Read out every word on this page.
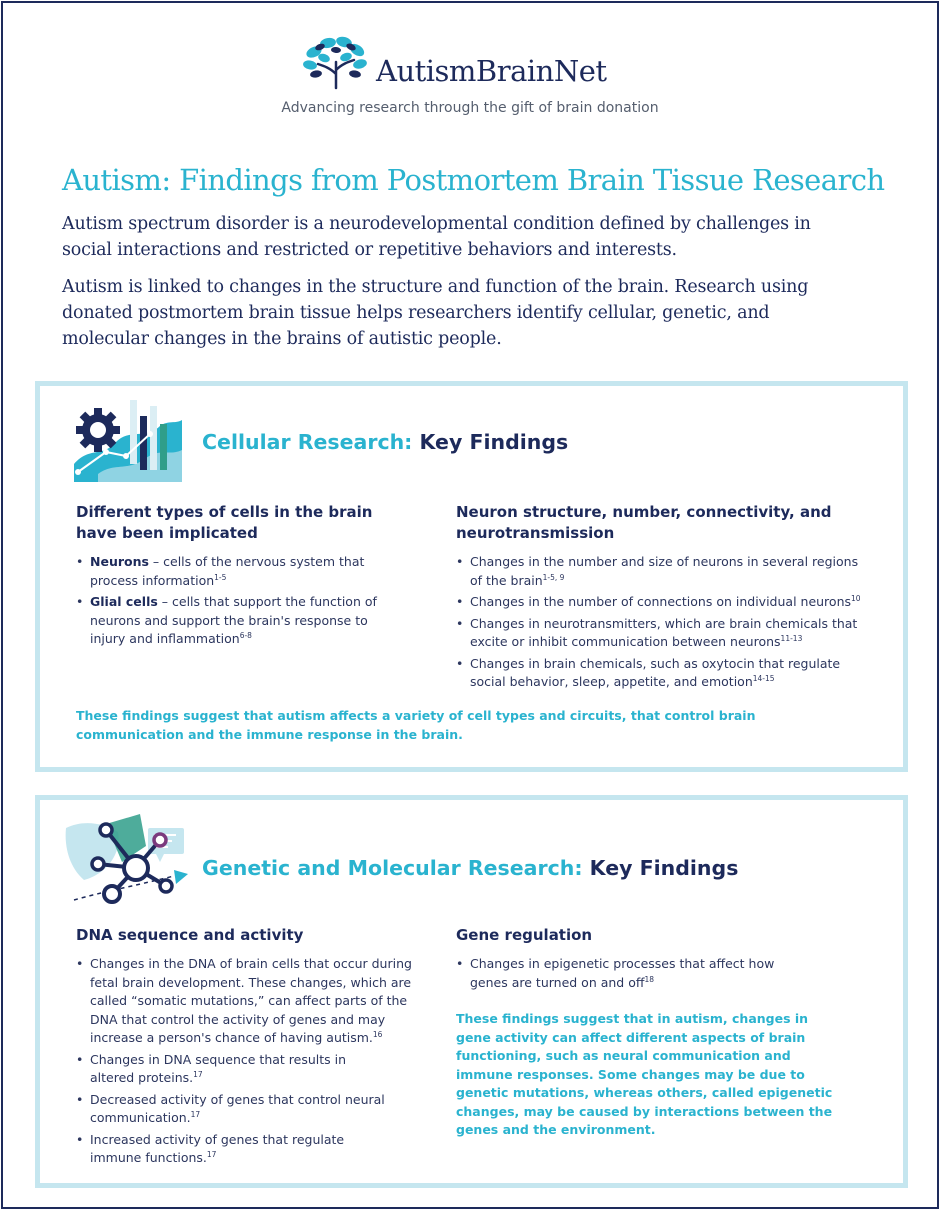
AutismBrainNet
Advancing research through the gift of brain donation
Autism: Findings from Postmortem Brain Tissue Research

Autism spectrum disorder is a neurodevelopmental condition defined by challenges in social interactions and restricted or repetitive behaviors and interests.

Autism is linked to changes in the structure and function of the brain. Research using donated postmortem brain tissue helps researchers identify cellular, genetic, and molecular changes in the brains of autistic people.

Cellular Research: Key Findings
Different types of cells in the brain have been implicated
• Neurons – cells of the nervous system that process information$^{1-5}$
• Glial cells – cells that support the function of neurons and support the brain's response to injury and inflammation$^{6-8}$
Neuron structure, number, connectivity, and neurotransmission
• Changes in the number and size of neurons in several regions of the brain$^{1-5, 9}$
• Changes in the number of connections on individual neurons$^{10}$
• Changes in neurotransmitters, which are brain chemicals that excite or inhibit communication between neurons$^{11-13}$
• Changes in brain chemicals, such as oxytocin that regulate social behavior, sleep, appetite, and emotion$^{14-15}$

These findings suggest that autism affects a variety of cell types and circuits, that control brain communication and the immune response in the brain.

Genetic and Molecular Research: Key Findings
DNA sequence and activity
• Changes in the DNA of brain cells that occur during fetal brain development. These changes, which are called “somatic mutations,” can affect parts of the DNA that control the activity of genes and may increase a person's chance of having autism.$^{16}$
• Changes in DNA sequence that results in altered proteins.$^{17}$
• Decreased activity of genes that control neural communication.$^{17}$
• Increased activity of genes that regulate immune functions.$^{17}$
Gene regulation
• Changes in epigenetic processes that affect how genes are turned on and off$^{18}$

These findings suggest that in autism, changes in gene activity can affect different aspects of brain functioning, such as neural communication and immune responses. Some changes may be due to genetic mutations, whereas others, called epigenetic changes, may be caused by interactions between the genes and the environment.
